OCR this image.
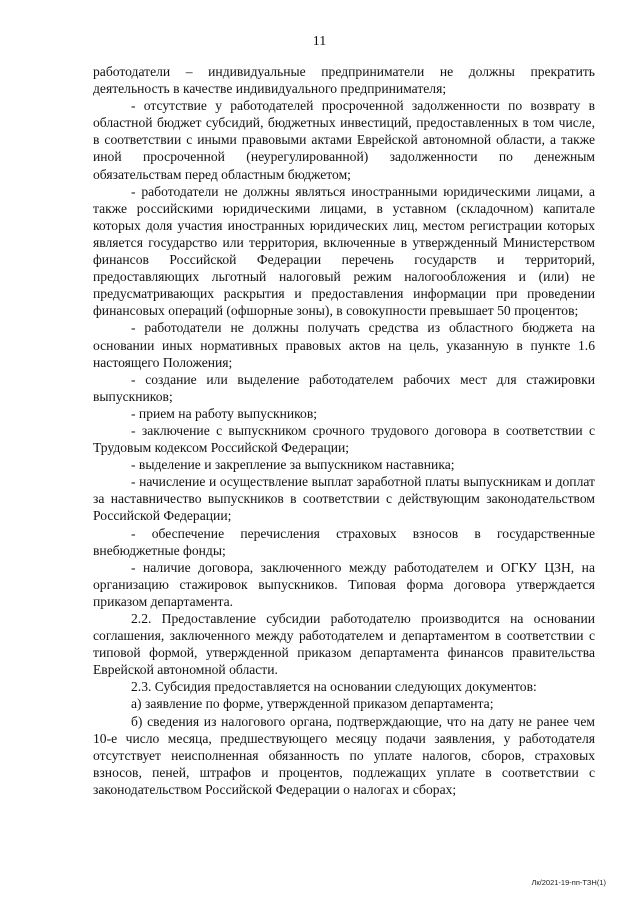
11

работодатели – индивидуальные предприниматели не должны прекратить деятельность в качестве индивидуального предпринимателя;

- отсутствие у работодателей просроченной задолженности по возврату в областной бюджет субсидий, бюджетных инвестиций, предоставленных в том числе, в соответствии с иными правовыми актами Еврейской автономной области, а также иной просроченной (неурегулированной) задолженности по денежным обязательствам перед областным бюджетом;

- работодатели не должны являться иностранными юридическими лицами, а также российскими юридическими лицами, в уставном (складочном) капитале которых доля участия иностранных юридических лиц, местом регистрации которых является государство или территория, включенные в утвержденный Министерством финансов Российской Федерации перечень государств и территорий, предоставляющих льготный налоговый режим налогообложения и (или) не предусматривающих раскрытия и предоставления информации при проведении финансовых операций (офшорные зоны), в совокупности превышает 50 процентов;

- работодатели не должны получать средства из областного бюджета на основании иных нормативных правовых актов на цель, указанную в пункте 1.6 настоящего Положения;

- создание или выделение работодателем рабочих мест для стажировки выпускников;

- прием на работу выпускников;

- заключение с выпускником срочного трудового договора в соответствии с Трудовым кодексом Российской Федерации;

- выделение и закрепление за выпускником наставника;

- начисление и осуществление выплат заработной платы выпускникам и доплат за наставничество выпускников в соответствии с действующим законодательством Российской Федерации;

- обеспечение перечисления страховых взносов в государственные внебюджетные фонды;

- наличие договора, заключенного между работодателем и ОГКУ ЦЗН, на организацию стажировок выпускников. Типовая форма договора утверждается приказом департамента.

2.2. Предоставление субсидии работодателю производится на основании соглашения, заключенного между работодателем и департаментом в соответствии с типовой формой, утвержденной приказом департамента финансов правительства Еврейской автономной области.

2.3. Субсидия предоставляется на основании следующих документов:

а) заявление по форме, утвержденной приказом департамента;

б) сведения из налогового органа, подтверждающие, что на дату не ранее чем 10-е число месяца, предшествующего месяцу подачи заявления, у работодателя отсутствует неисполненная обязанность по уплате налогов, сборов, страховых взносов, пеней, штрафов и процентов, подлежащих уплате в соответствии с законодательством Российской Федерации о налогах и сборах;

Лк/2021-19-пп-ТЗН(1)
